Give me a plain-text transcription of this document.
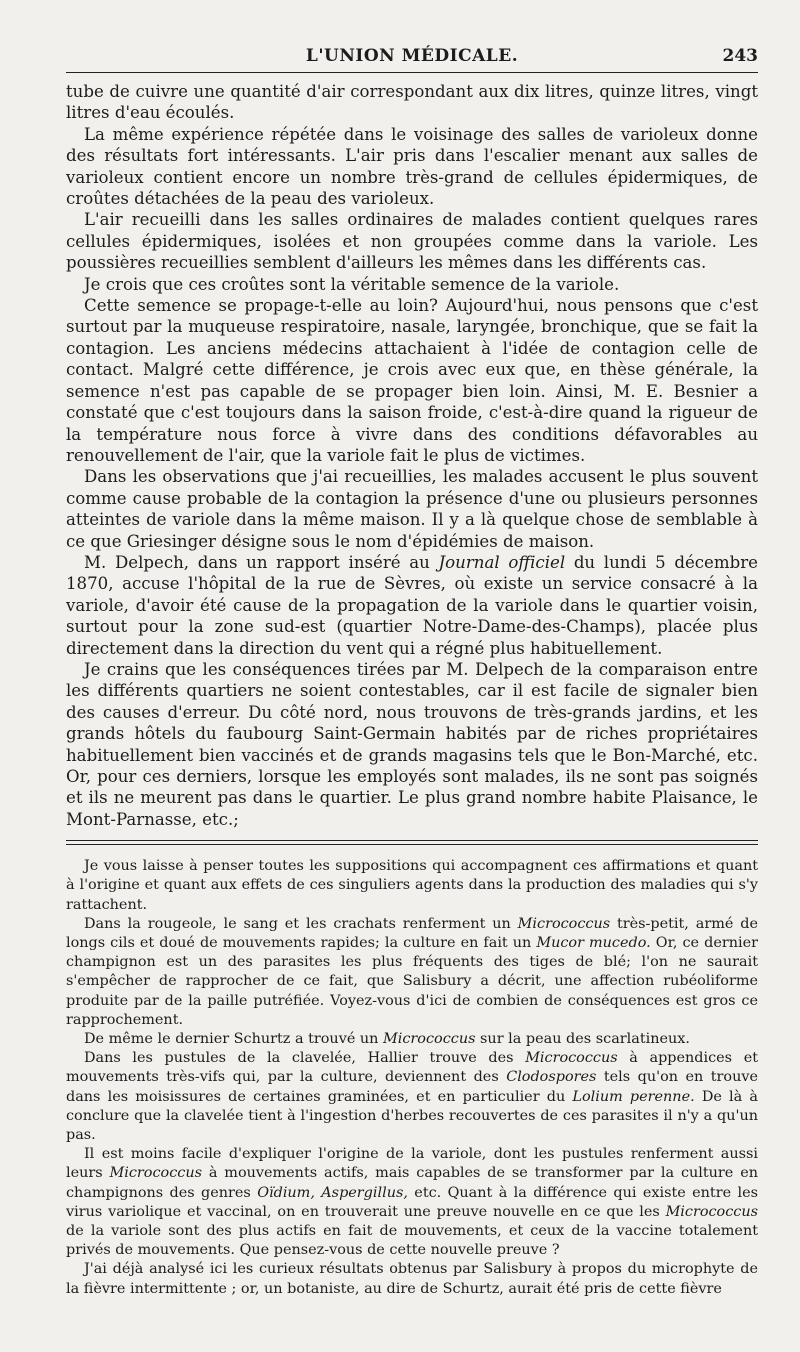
L'UNION MÉDICALE.	243

tube de cuivre une quantité d'air correspondant aux dix litres, quinze litres, vingt litres d'eau écoulés.

La même expérience répétée dans le voisinage des salles de varioleux donne des résultats fort intéressants. L'air pris dans l'escalier menant aux salles de varioleux contient encore un nombre très-grand de cellules épidermiques, de croûtes détachées de la peau des varioleux.

L'air recueilli dans les salles ordinaires de malades contient quelques rares cellules épidermiques, isolées et non groupées comme dans la variole. Les poussières recueillies semblent d'ailleurs les mêmes dans les différents cas.

Je crois que ces croûtes sont la véritable semence de la variole.

Cette semence se propage-t-elle au loin? Aujourd'hui, nous pensons que c'est surtout par la muqueuse respiratoire, nasale, laryngée, bronchique, que se fait la contagion. Les anciens médecins attachaient à l'idée de contagion celle de contact. Malgré cette différence, je crois avec eux que, en thèse générale, la semence n'est pas capable de se propager bien loin. Ainsi, M. E. Besnier a constaté que c'est toujours dans la saison froide, c'est-à-dire quand la rigueur de la température nous force à vivre dans des conditions défavorables au renouvellement de l'air, que la variole fait le plus de victimes.

Dans les observations que j'ai recueillies, les malades accusent le plus souvent comme cause probable de la contagion la présence d'une ou plusieurs personnes atteintes de variole dans la même maison. Il y a là quelque chose de semblable à ce que Griesinger désigne sous le nom d'épidémies de maison.

M. Delpech, dans un rapport inséré au Journal officiel du lundi 5 décembre 1870, accuse l'hôpital de la rue de Sèvres, où existe un service consacré à la variole, d'avoir été cause de la propagation de la variole dans le quartier voisin, surtout pour la zone sud-est (quartier Notre-Dame-des-Champs), placée plus directement dans la direction du vent qui a régné plus habituellement.

Je crains que les conséquences tirées par M. Delpech de la comparaison entre les différents quartiers ne soient contestables, car il est facile de signaler bien des causes d'erreur. Du côté nord, nous trouvons de très-grands jardins, et les grands hôtels du faubourg Saint-Germain habités par de riches propriétaires habituellement bien vaccinés et de grands magasins tels que le Bon-Marché, etc. Or, pour ces derniers, lorsque les employés sont malades, ils ne sont pas soignés et ils ne meurent pas dans le quartier. Le plus grand nombre habite Plaisance, le Mont-Parnasse, etc.;

Je vous laisse à penser toutes les suppositions qui accompagnent ces affirmations et quant à l'origine et quant aux effets de ces singuliers agents dans la production des maladies qui s'y rattachent.

Dans la rougeole, le sang et les crachats renferment un Micrococcus très-petit, armé de longs cils et doué de mouvements rapides; la culture en fait un Mucor mucedo. Or, ce dernier champignon est un des parasites les plus fréquents des tiges de blé; l'on ne saurait s'empêcher de rapprocher de ce fait, que Salisbury a décrit, une affection rubéoliforme produite par de la paille putréfiée. Voyez-vous d'ici de combien de conséquences est gros ce rapprochement.

De même le dernier Schurtz a trouvé un Micrococcus sur la peau des scarlatineux.

Dans les pustules de la clavelée, Hallier trouve des Micrococcus à appendices et mouvements très-vifs qui, par la culture, deviennent des Clodospores tels qu'on en trouve dans les moisissures de certaines graminées, et en particulier du Lolium perenne. De là à conclure que la clavelée tient à l'ingestion d'herbes recouvertes de ces parasites il n'y a qu'un pas.

Il est moins facile d'expliquer l'origine de la variole, dont les pustules renferment aussi leurs Micrococcus à mouvements actifs, mais capables de se transformer par la culture en champignons des genres Oïdium, Aspergillus, etc. Quant à la différence qui existe entre les virus variolique et vaccinal, on en trouverait une preuve nouvelle en ce que les Micrococcus de la variole sont des plus actifs en fait de mouvements, et ceux de la vaccine totalement privés de mouvements. Que pensez-vous de cette nouvelle preuve ?

J'ai déjà analysé ici les curieux résultats obtenus par Salisbury à propos du microphyte de la fièvre intermittente ; or, un botaniste, au dire de Schurtz, aurait été pris de cette fièvre
